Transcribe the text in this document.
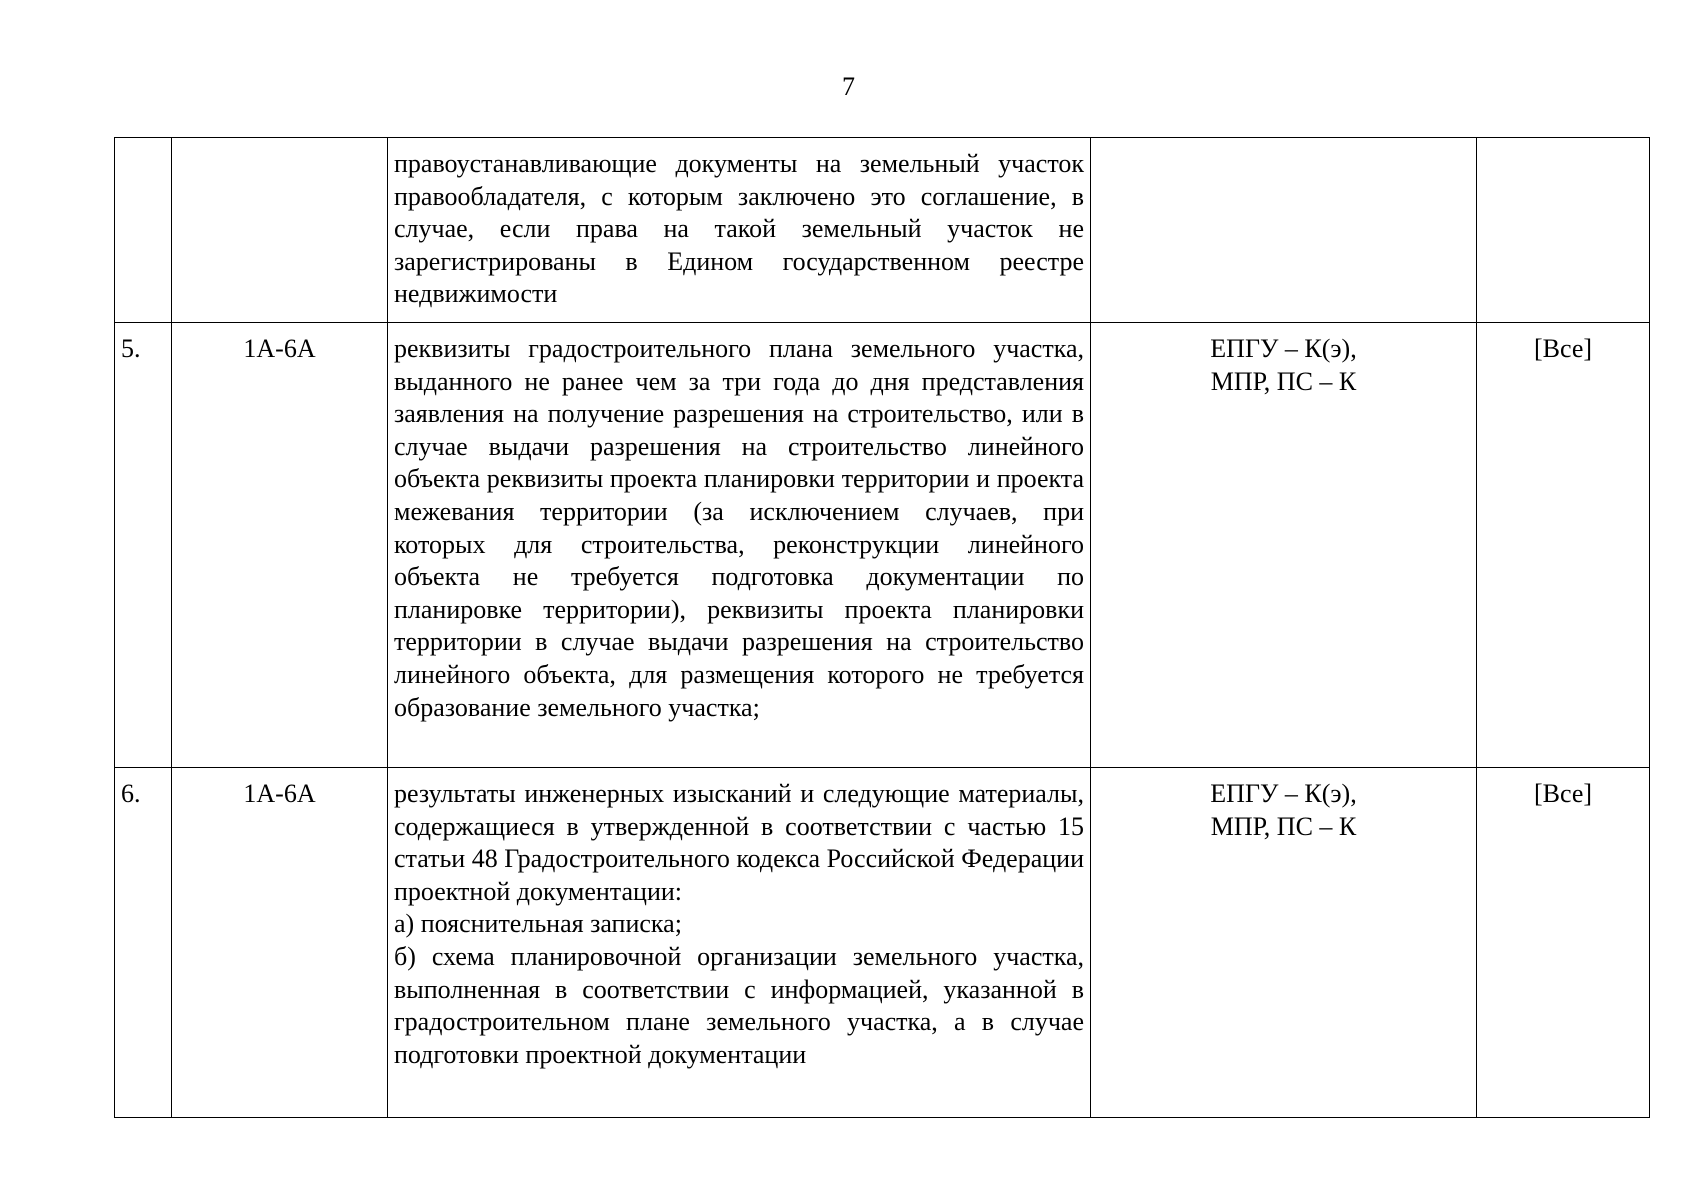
7

		правоустанавливающие документы на земельный участок правообладателя, с которым заключено это соглашение, в случае, если права на такой земельный участок не зарегистрированы в Едином государственном реестре недвижимости		

5.	1А-6А	реквизиты градостроительного плана земельного участка, выданного не ранее чем за три года до дня представления заявления на получение разрешения на строительство, или в случае выдачи разрешения на строительство линейного объекта реквизиты проекта планировки территории и проекта межевания территории (за исключением случаев, при которых для строительства, реконструкции линейного объекта не требуется подготовка документации по планировке территории), реквизиты проекта планировки территории в случае выдачи разрешения на строительство линейного объекта, для размещения которого не требуется образование земельного участка;	ЕПГУ – К(э),
МПР, ПС – К	[Все]
6.	1А-6А	результаты инженерных изысканий и следующие материалы, содержащиеся в утвержденной в соответствии с частью 15 статьи 48 Градостроительного кодекса Российской Федерации проектной документации:
а) пояснительная записка;
б) схема планировочной организации земельного участка, выполненная в соответствии с информацией, указанной в градостроительном плане земельного участка, а в случае подготовки проектной документации	ЕПГУ – К(э),
МПР, ПС – К	[Все]
